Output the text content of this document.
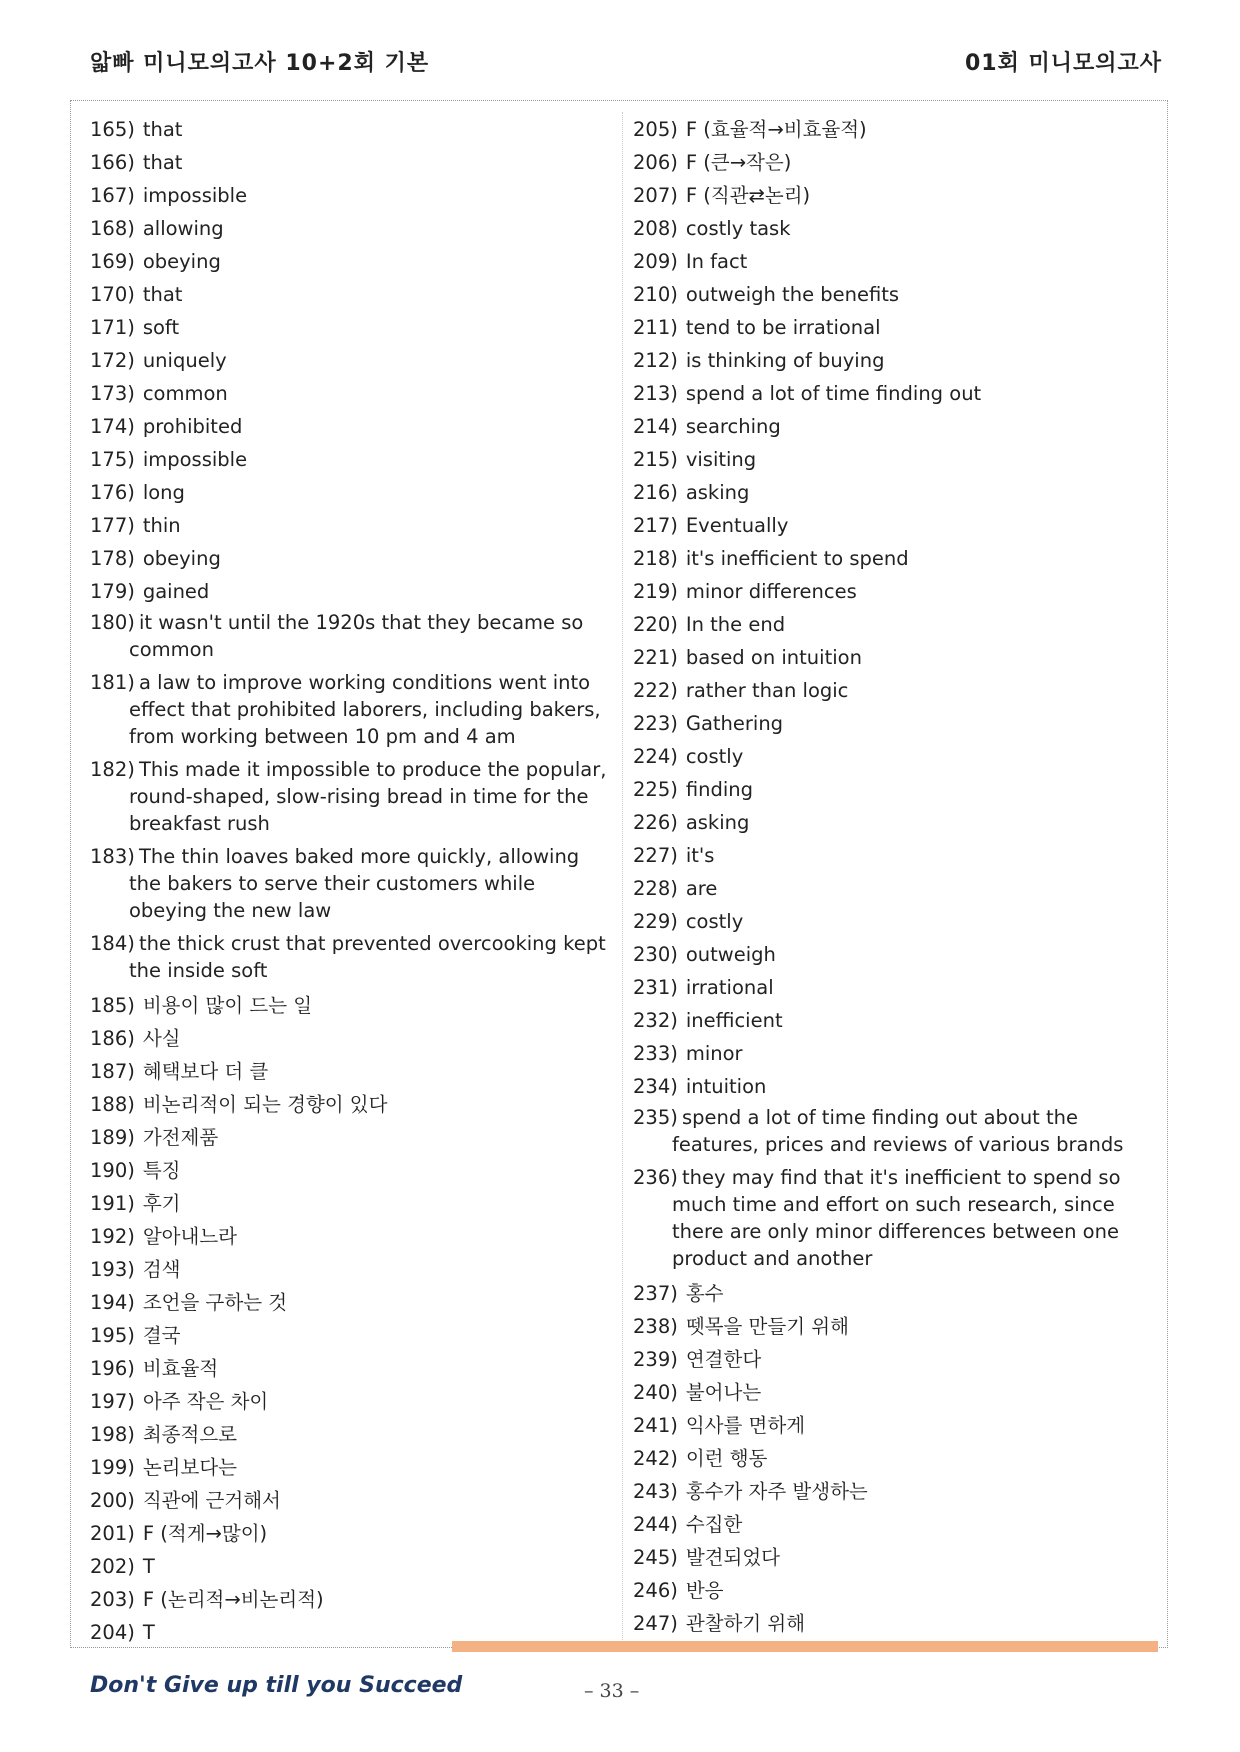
앏빠 미니모의고사 10+2회 기본	01회 미니모의고사
165) that
166) that
167) impossible
168) allowing
169) obeying
170) that
171) soft
172) uniquely
173) common
174) prohibited
175) impossible
176) long
177) thin
178) obeying
179) gained
180) it wasn't until the 1920s that they became so common
181) a law to improve working conditions went into effect that prohibited laborers, including bakers, from working between 10 pm and 4 am
182) This made it impossible to produce the popular, round-shaped, slow-rising bread in time for the breakfast rush
183) The thin loaves baked more quickly, allowing the bakers to serve their customers while obeying the new law
184) the thick crust that prevented overcooking kept the inside soft
185) 비용이 많이 드는 일
186) 사실
187) 혜택보다 더 클
188) 비논리적이 되는 경향이 있다
189) 가전제품
190) 특징
191) 후기
192) 알아내느라
193) 검색
194) 조언을 구하는 것
195) 결국
196) 비효율적
197) 아주 작은 차이
198) 최종적으로
199) 논리보다는
200) 직관에 근거해서
201) F (적게→많이)
202) T
203) F (논리적→비논리적)
204) T
205) F (효율적→비효율적)
206) F (큰→작은)
207) F (직관⇄논리)
208) costly task
209) In fact
210) outweigh the benefits
211) tend to be irrational
212) is thinking of buying
213) spend a lot of time finding out
214) searching
215) visiting
216) asking
217) Eventually
218) it's inefficient to spend
219) minor differences
220) In the end
221) based on intuition
222) rather than logic
223) Gathering
224) costly
225) finding
226) asking
227) it's
228) are
229) costly
230) outweigh
231) irrational
232) inefficient
233) minor
234) intuition
235) spend a lot of time finding out about the features, prices and reviews of various brands
236) they may find that it's inefficient to spend so much time and effort on such research, since there are only minor differences between one product and another
237) 홍수
238) 뗏목을 만들기 위해
239) 연결한다
240) 불어나는
241) 익사를 면하게
242) 이런 행동
243) 홍수가 자주 발생하는
244) 수집한
245) 발견되었다
246) 반응
247) 관찰하기 위해
Don't Give up till you Succeed	– 33 –
